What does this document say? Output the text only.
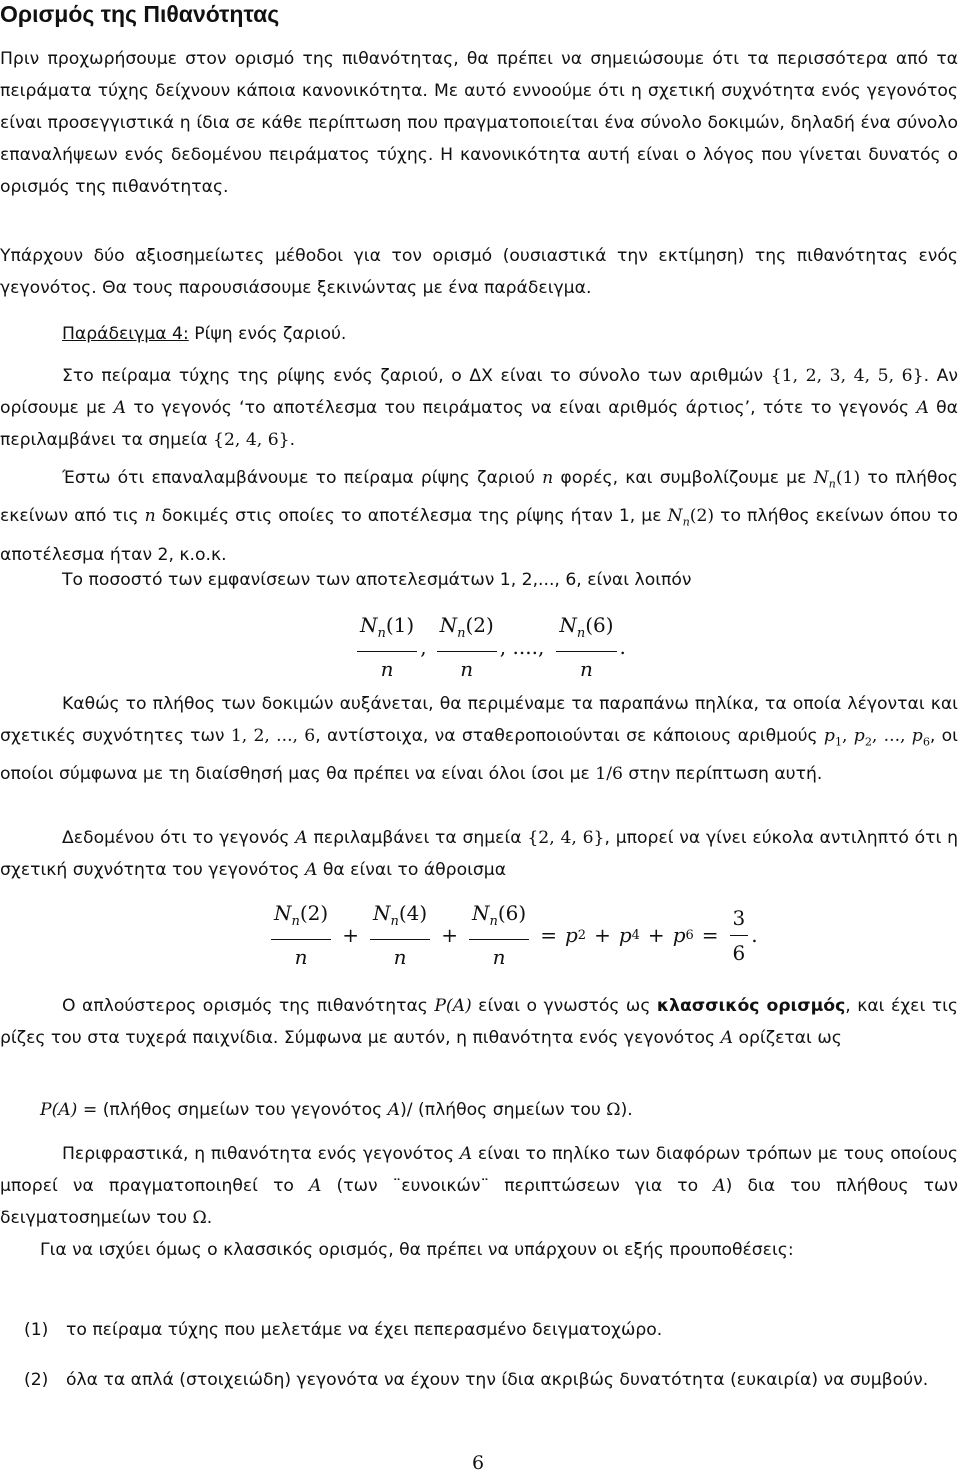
Ορισμός της Πιθανότητας

Πριν προχωρήσουμε στον ορισμό της πιθανότητας, θα πρέπει να σημειώσουμε ότι τα περισσότερα από τα πειράματα τύχης δείχνουν κάποια κανονικότητα. Με αυτό εννοούμε ότι η σχετική συχνότητα ενός γεγονότος είναι προσεγγιστικά η ίδια σε κάθε περίπτωση που πραγματοποιείται ένα σύνολο δοκιμών, δηλαδή ένα σύνολο επαναλήψεων ενός δεδομένου πειράματος τύχης. Η κανονικότητα αυτή είναι ο λόγος που γίνεται δυνατός ο ορισμός της πιθανότητας.

Υπάρχουν δύο αξιοσημείωτες μέθοδοι για τον ορισμό (ουσιαστικά την εκτίμηση) της πιθανότητας ενός γεγονότος. Θα τους παρουσιάσουμε ξεκινώντας με ένα παράδειγμα.

Παράδειγμα 4: Ρίψη ενός ζαριού.

Στο πείραμα τύχης της ρίψης ενός ζαριού, ο ΔΧ είναι το σύνολο των αριθμών {1, 2, 3, 4, 5, 6}. Αν ορίσουμε με A το γεγονός ‘το αποτέλεσμα του πειράματος να είναι αριθμός άρτιος’, τότε το γεγονός A θα περιλαμβάνει τα σημεία {2, 4, 6}.

Έστω ότι επαναλαμβάνουμε το πείραμα ρίψης ζαριού n φορές, και συμβολίζουμε με $N_n(1)$ το πλήθος εκείνων από τις n δοκιμές στις οποίες το αποτέλεσμα της ρίψης ήταν 1, με $N_n(2)$ το πλήθος εκείνων όπου το αποτέλεσμα ήταν 2, κ.ο.κ.

Το ποσοστό των εμφανίσεων των αποτελεσμάτων 1, 2,..., 6, είναι λοιπόν

$\frac{N_n(1)}{n}$ , $\frac{N_n(2)}{n}$ , ...., $\frac{N_n(6)}{n}$ .

Καθώς το πλήθος των δοκιμών αυξάνεται, θα περιμέναμε τα παραπάνω πηλίκα, τα οποία λέγονται και σχετικές συχνότητες των 1, 2, ..., 6, αντίστοιχα, να σταθεροποιούνται σε κάποιους αριθμούς $p_1$, $p_2$, ..., $p_6$, οι οποίοι σύμφωνα με τη διαίσθησή μας θα πρέπει να είναι όλοι ίσοι με 1/6 στην περίπτωση αυτή.

Δεδομένου ότι το γεγονός A περιλαμβάνει τα σημεία {2, 4, 6}, μπορεί να γίνει εύκολα αντιληπτό ότι η σχετική συχνότητα του γεγονότος A θα είναι το άθροισμα

$\frac{N_n(2)}{n} + \frac{N_n(4)}{n} + \frac{N_n(6)}{n} = p$ 2 + p 4 + p $6 = \frac{3}{6}$ .

Ο απλούστερος ορισμός της πιθανότητας P(A) είναι ο γνωστός ως κλασσικός ορισμός, και έχει τις ρίζες του στα τυχερά παιχνίδια. Σύμφωνα με αυτόν, η πιθανότητα ενός γεγονότος A ορίζεται ως

P(A) = (πλήθος σημείων του γεγονότος A)/ (πλήθος σημείων του Ω).

Περιφραστικά, η πιθανότητα ενός γεγονότος A είναι το πηλίκο των διαφόρων τρόπων με τους οποίους μπορεί να πραγματοποιηθεί το A (των ¨ευνοικών¨ περιπτώσεων για το A) δια του πλήθους των δειγματοσημείων του Ω.

Για να ισχύει όμως ο κλασσικός ορισμός, θα πρέπει να υπάρχουν οι εξής προυποθέσεις:

(1) το πείραμα τύχης που μελετάμε να έχει πεπερασμένο δειγματοχώρο.
(2) όλα τα απλά (στοιχειώδη) γεγονότα να έχουν την ίδια ακριβώς δυνατότητα (ευκαιρία) να συμβούν.
6
